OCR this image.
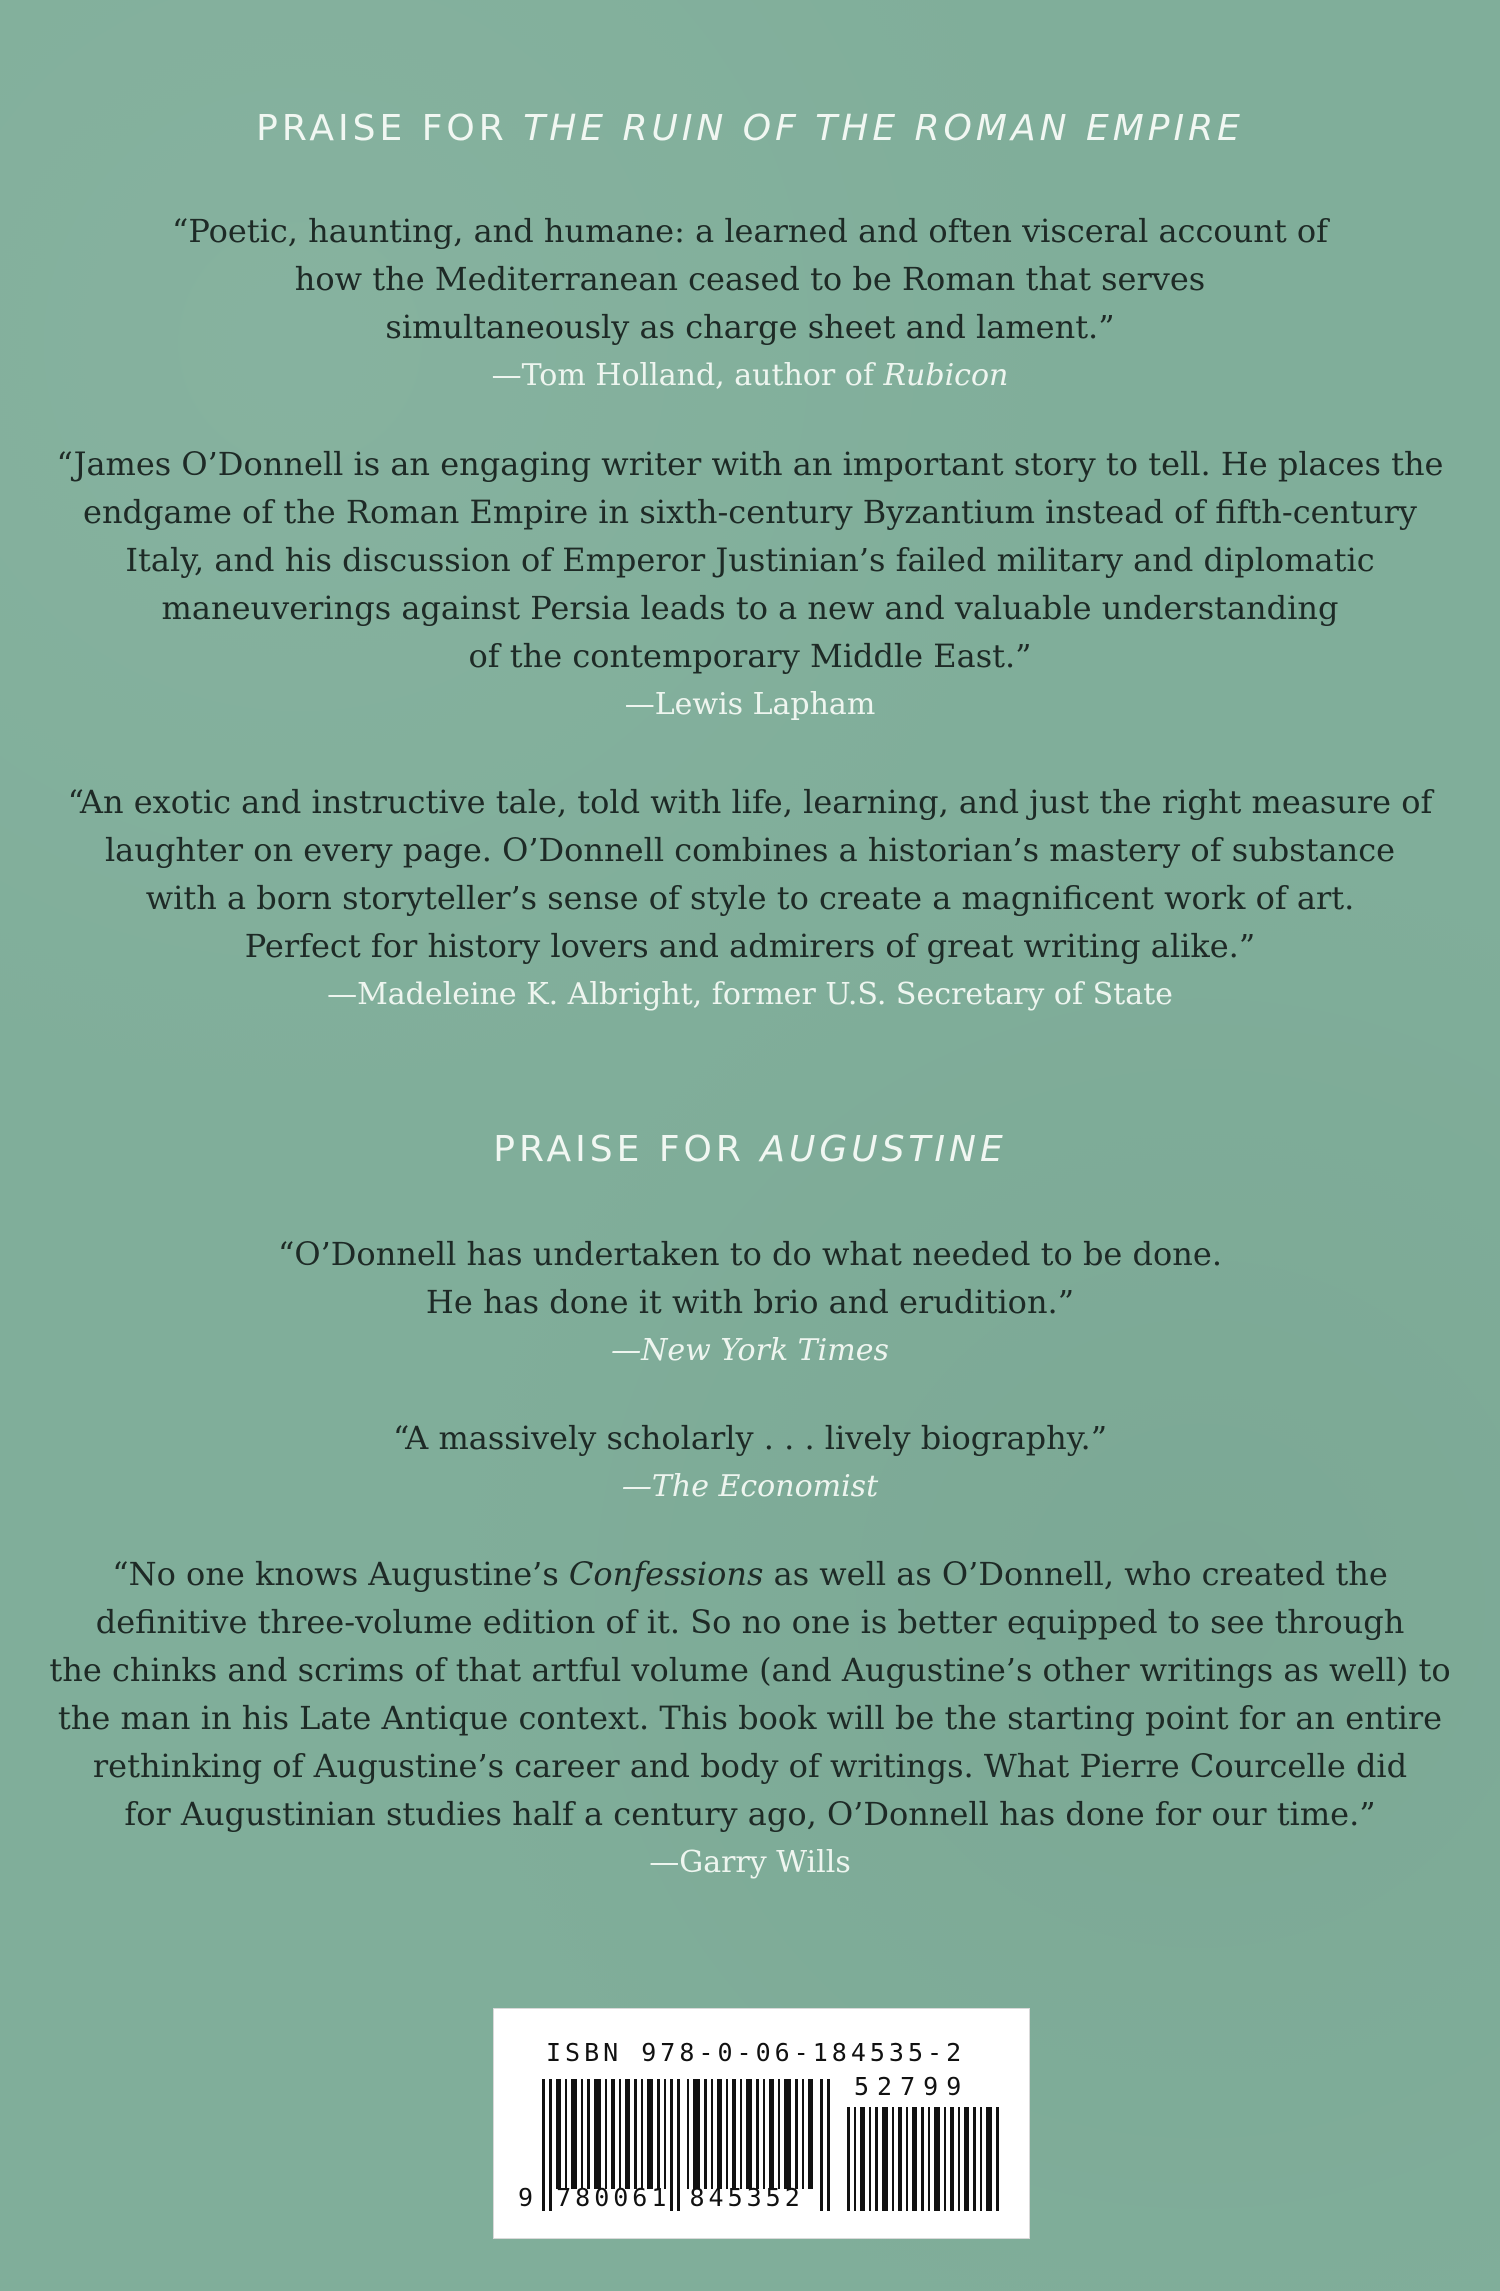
PRAISE FOR THE RUIN OF THE ROMAN EMPIRE
“Poetic, haunting, and humane: a learned and often visceral account of
how the Mediterranean ceased to be Roman that serves
simultaneously as charge sheet and lament.”
—Tom Holland, author of Rubicon
“James O’Donnell is an engaging writer with an important story to tell. He places the
endgame of the Roman Empire in sixth-century Byzantium instead of fifth-century
Italy, and his discussion of Emperor Justinian’s failed military and diplomatic
maneuverings against Persia leads to a new and valuable understanding
of the contemporary Middle East.”
—Lewis Lapham
“An exotic and instructive tale, told with life, learning, and just the right measure of
laughter on every page. O’Donnell combines a historian’s mastery of substance
with a born storyteller’s sense of style to create a magnificent work of art.
Perfect for history lovers and admirers of great writing alike.”
—Madeleine K. Albright, former U.S. Secretary of State
PRAISE FOR AUGUSTINE
“O’Donnell has undertaken to do what needed to be done.
He has done it with brio and erudition.”
—New York Times
“A massively scholarly . . . lively biography.”
—The Economist
“No one knows Augustine’s Confessions as well as O’Donnell, who created the
definitive three-volume edition of it. So no one is better equipped to see through
the chinks and scrims of that artful volume (and Augustine’s other writings as well) to
the man in his Late Antique context. This book will be the starting point for an entire
rethinking of Augustine’s career and body of writings. What Pierre Courcelle did
for Augustinian studies half a century ago, O’Donnell has done for our time.”
—Garry Wills
ISBN 978-0-06-184535-2
52799
9 780061 845352
